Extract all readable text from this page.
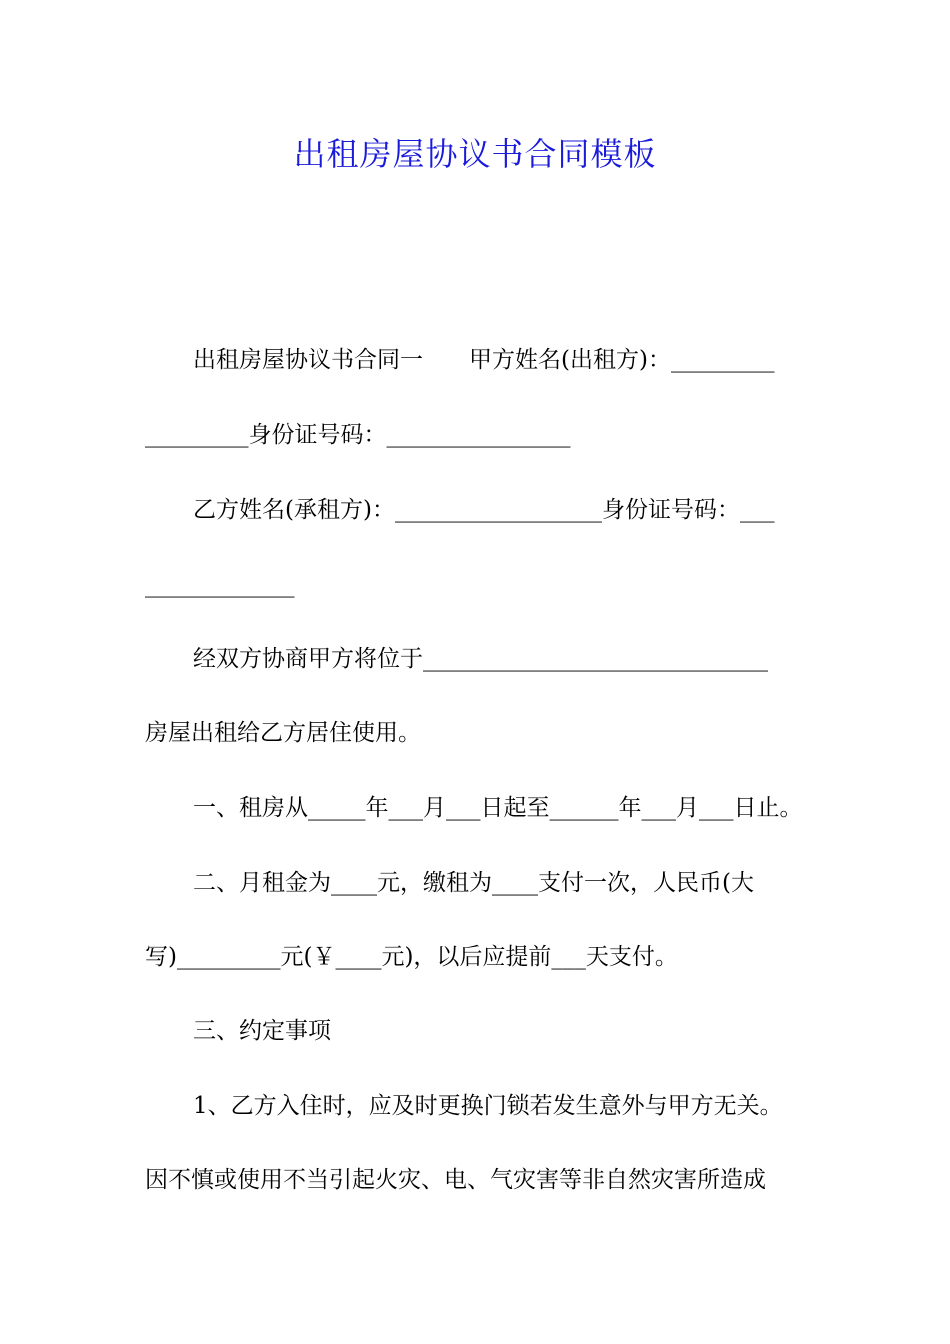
出租房屋协议书合同模板
出租房屋协议书合同一　　甲方姓名(出租方)：_________
_________身份证号码：________________
乙方姓名(承租方)：__________________身份证号码：___
_____________
经双方协商甲方将位于______________________________
房屋出租给乙方居住使用。
一、租房从_____年___月___日起至______年___月___日止。
二、月租金为____元，缴租为____支付一次，人民币(大
写)_________元(￥____元)，以后应提前___天支付。
三、约定事项
1、乙方入住时，应及时更换门锁若发生意外与甲方无关。
因不慎或使用不当引起火灾、电、气灾害等非自然灾害所造成
